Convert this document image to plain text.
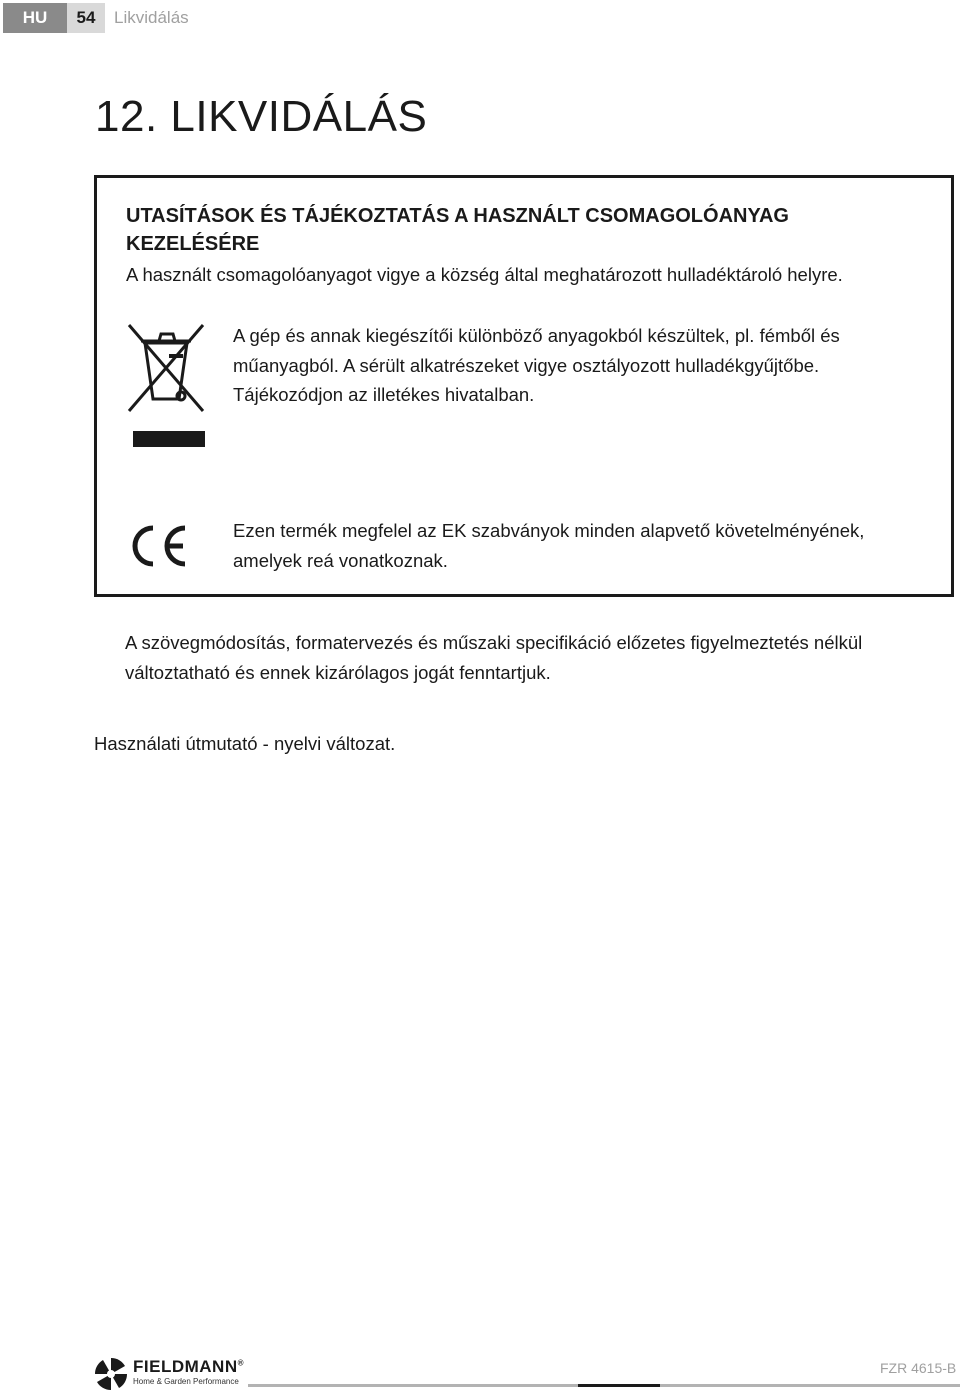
HU	54	Likvidálás
12. LIKVIDÁLÁS
UTASÍTÁSOK ÉS TÁJÉKOZTATÁS A HASZNÁLT CSOMAGOLÓANYAG KEZELÉSÉRE
A használt csomagolóanyagot vigye a község által meghatározott hulladéktároló helyre.
A gép és annak kiegészítői különböző anyagokból készültek, pl. fémből és műanyagból. A sérült alkatrészeket vigye osztályozott hulladékgyűjtőbe. Tájékozódjon az illetékes hivatalban.
Ezen termék megfelel az EK szabványok minden alapvető követelményének, amelyek reá vonatkoznak.
A szövegmódosítás, formatervezés és műszaki specifikáció előzetes figyelmeztetés nélkül változtatható és ennek kizárólagos jogát fenntartjuk.
Használati útmutató - nyelvi változat.
FIELDMANN®
Home & Garden Performance
FZR 4615-B
